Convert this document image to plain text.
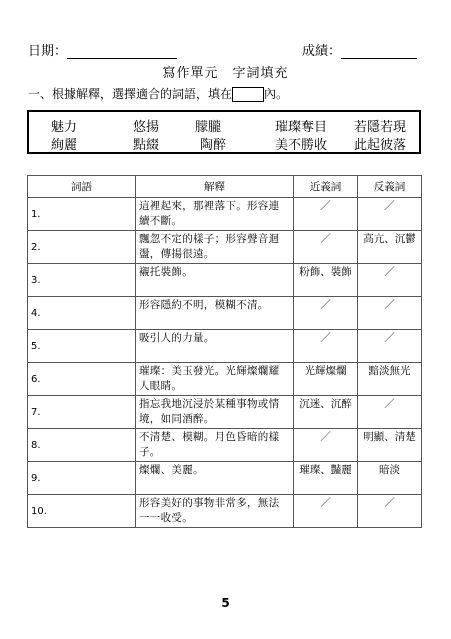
日期：	成績：
寫作單元　字詞填充
一、根據解釋，選擇適合的詞語，填在	內。
魅力	悠揚	朦朧	璀璨奪目 若隱若現
絢麗	點綴	陶醉	美不勝收 此起彼落
詞語	解釋	近義詞	反義詞
1.	這裡起來，那裡落下。形容連續不斷。	／	／
2.	飄忽不定的樣子；形容聲音迴盪，傳揚很遠。	／	高亢、沉鬱
3.	襯托裝飾。	粉飾、裝飾	／
4.	形容隱約不明，模糊不清。	／	／
5.	吸引人的力量。	／	／
6.	璀璨：美玉發光。光輝燦爛耀人眼睛。	光輝燦爛	黯淡無光
7.	指忘我地沉浸於某種事物或情境，如同酒醉。	沉迷、沉醉	／
8.	不清楚、模糊。月色昏暗的樣子。	／	明顯、清楚
9.	燦爛、美麗。	璀璨、豔麗	暗淡
10.	形容美好的事物非常多，無法一一收受。	／	／
5
